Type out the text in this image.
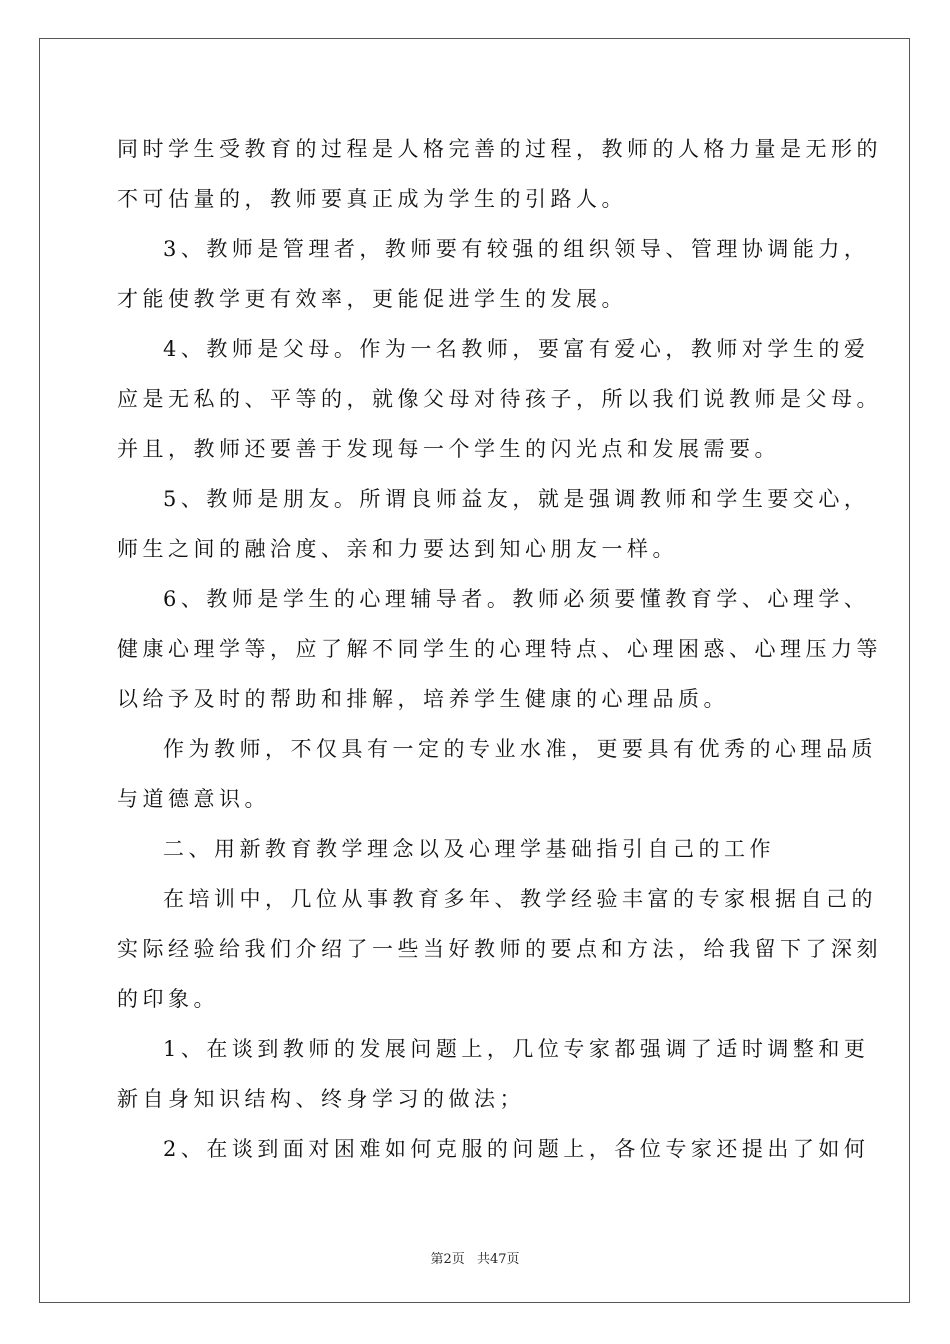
同时学生受教育的过程是人格完善的过程，教师的人格力量是无形的
不可估量的，教师要真正成为学生的引路人。
3、教师是管理者，教师要有较强的组织领导、管理协调能力，
才能使教学更有效率，更能促进学生的发展。
4、教师是父母。作为一名教师，要富有爱心，教师对学生的爱
应是无私的、平等的，就像父母对待孩子，所以我们说教师是父母。
并且，教师还要善于发现每一个学生的闪光点和发展需要。
5、教师是朋友。所谓良师益友，就是强调教师和学生要交心，
师生之间的融洽度、亲和力要达到知心朋友一样。
6、教师是学生的心理辅导者。教师必须要懂教育学、心理学、
健康心理学等，应了解不同学生的心理特点、心理困惑、心理压力等
以给予及时的帮助和排解，培养学生健康的心理品质。
作为教师，不仅具有一定的专业水准，更要具有优秀的心理品质
与道德意识。
二、用新教育教学理念以及心理学基础指引自己的工作
在培训中，几位从事教育多年、教学经验丰富的专家根据自己的
实际经验给我们介绍了一些当好教师的要点和方法，给我留下了深刻
的印象。
1、在谈到教师的发展问题上，几位专家都强调了适时调整和更
新自身知识结构、终身学习的做法；
2、在谈到面对困难如何克服的问题上，各位专家还提出了如何
第2页 共47页
